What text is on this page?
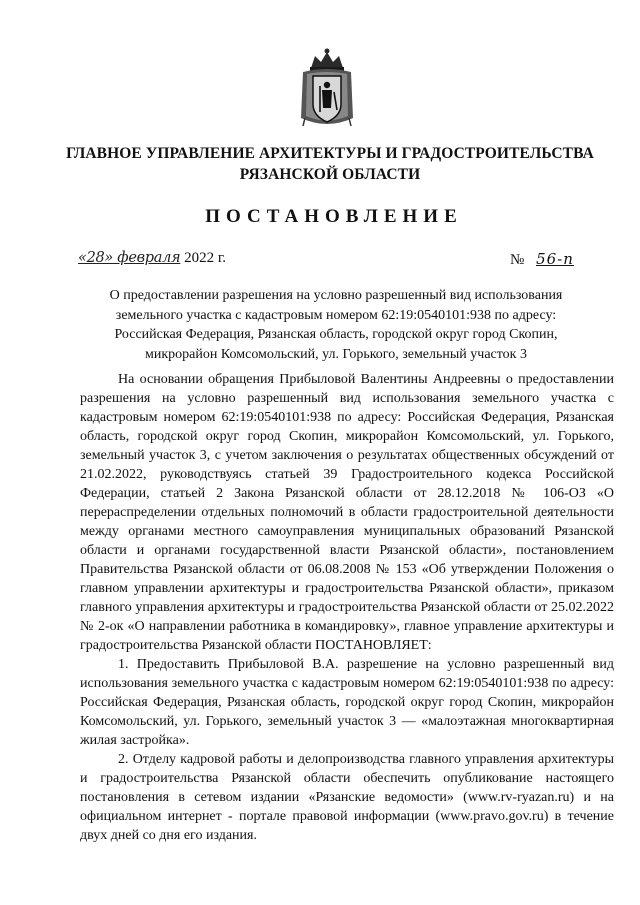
ГЛАВНОЕ УПРАВЛЕНИЕ АРХИТЕКТУРЫ И ГРАДОСТРОИТЕЛЬСТВА
РЯЗАНСКОЙ ОБЛАСТИ
ПОСТАНОВЛЕНИЕ
«28» февраля 2022 г.	№ 56-п
О предоставлении разрешения на условно разрешенный вид использования
земельного участка с кадастровым номером 62:19:0540101:938 по адресу:
Российская Федерация, Рязанская область, городской округ город Скопин,
микрорайон Комсомольский, ул. Горького, земельный участок 3

На основании обращения Прибыловой Валентины Андреевны о предоставлении разрешения на условно разрешенный вид использования земельного участка с кадастровым номером 62:19:0540101:938 по адресу: Российская Федерация, Рязанская область, городской округ город Скопин, микрорайон Комсомольский, ул. Горького, земельный участок 3, с учетом заключения о результатах общественных обсуждений от 21.02.2022, руководствуясь статьей 39 Градостроительного кодекса Российской Федерации, статьей 2 Закона Рязанской области от 28.12.2018 № 106-ОЗ «О перераспределении отдельных полномочий в области градостроительной деятельности между органами местного самоуправления муниципальных образований Рязанской области и органами государственной власти Рязанской области», постановлением Правительства Рязанской области от 06.08.2008 № 153 «Об утверждении Положения о главном управлении архитектуры и градостроительства Рязанской области», приказом главного управления архитектуры и градостроительства Рязанской области от 25.02.2022 № 2-ок «О направлении работника в командировку», главное управление архитектуры и градостроительства Рязанской области ПОСТАНОВЛЯЕТ:

1. Предоставить Прибыловой В.А. разрешение на условно разрешенный вид использования земельного участка с кадастровым номером 62:19:0540101:938 по адресу: Российская Федерация, Рязанская область, городской округ город Скопин, микрорайон Комсомольский, ул. Горького, земельный участок 3 — «малоэтажная многоквартирная жилая застройка».

2. Отделу кадровой работы и делопроизводства главного управления архитектуры и градостроительства Рязанской области обеспечить опубликование настоящего постановления в сетевом издании «Рязанские ведомости» (www.rv-ryazan.ru) и на официальном интернет - портале правовой информации (www.pravo.gov.ru) в течение двух дней со дня его издания.
